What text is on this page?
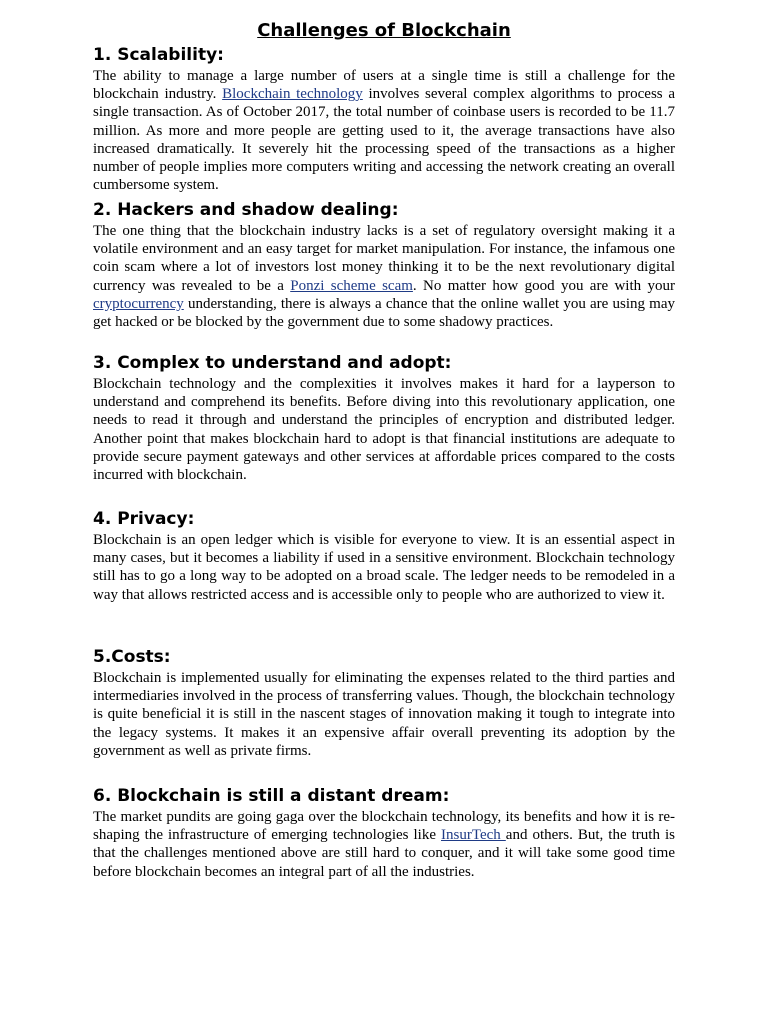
Challenges of Blockchain
1. Scalability:

The ability to manage a large number of users at a single time is still a challenge for the blockchain industry. Blockchain technology involves several complex algorithms to process a single transaction. As of October 2017, the total number of coinbase users is recorded to be 11.7 million. As more and more people are getting used to it, the average transactions have also increased dramatically. It severely hit the processing speed of the transactions as a higher number of people implies more computers writing and accessing the network creating an overall cumbersome system.

2. Hackers and shadow dealing:

The one thing that the blockchain industry lacks is a set of regulatory oversight making it a volatile environment and an easy target for market manipulation. For instance, the infamous one coin scam where a lot of investors lost money thinking it to be the next revolutionary digital currency was revealed to be a Ponzi scheme scam. No matter how good you are with your cryptocurrency understanding, there is always a chance that the online wallet you are using may get hacked or be blocked by the government due to some shadowy practices.

3. Complex to understand and adopt:

Blockchain technology and the complexities it involves makes it hard for a layperson to understand and comprehend its benefits. Before diving into this revolutionary application, one needs to read it through and understand the principles of encryption and distributed ledger. Another point that makes blockchain hard to adopt is that financial institutions are adequate to provide secure payment gateways and other services at affordable prices compared to the costs incurred with blockchain.

4. Privacy:

Blockchain is an open ledger which is visible for everyone to view. It is an essential aspect in many cases, but it becomes a liability if used in a sensitive environment. Blockchain technology still has to go a long way to be adopted on a broad scale. The ledger needs to be remodeled in a way that allows restricted access and is accessible only to people who are authorized to view it.

5.Costs:

Blockchain is implemented usually for eliminating the expenses related to the third parties and intermediaries involved in the process of transferring values. Though, the blockchain technology is quite beneficial it is still in the nascent stages of innovation making it tough to integrate into the legacy systems. It makes it an expensive affair overall preventing its adoption by the government as well as private firms.

6. Blockchain is still a distant dream:

The market pundits are going gaga over the blockchain technology, its benefits and how it is re-shaping the infrastructure of emerging technologies like InsurTech and others. But, the truth is that the challenges mentioned above are still hard to conquer, and it will take some good time before blockchain becomes an integral part of all the industries.
